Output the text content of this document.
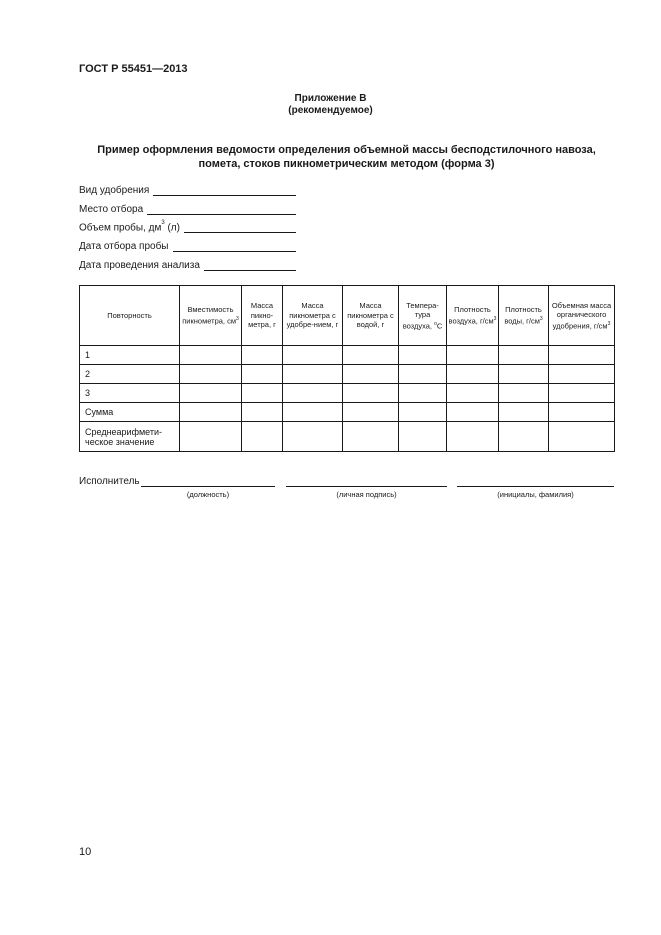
ГОСТ Р 55451—2013
Приложение В
(рекомендуемое)
Пример оформления ведомости определения объемной массы бесподстилочного навоза,
помета, стоков пикнометрическим методом (форма 3)
Вид удобрения
Место отбора
Объем пробы, $дм^3$ (л)
Дата отбора пробы
Дата проведения анализа
Повторность	Вместимость пикнометра, $см^3$	Масса пикно-метра, г	Масса пикнометра с удобре-нием, г	Масса пикнометра с водой, г	Темпера-тура воздуха, $^о$С	Плотность воздуха, $г/см^3$	Плотность воды, $г/см^3$	Объемная масса органического удобрения, $г/см^3$
1								
2								
3								
Сумма								
Среднеарифмети-ческое значение								
Исполнитель
(должность)	(личная подпись)	(инициалы, фамилия)
10
